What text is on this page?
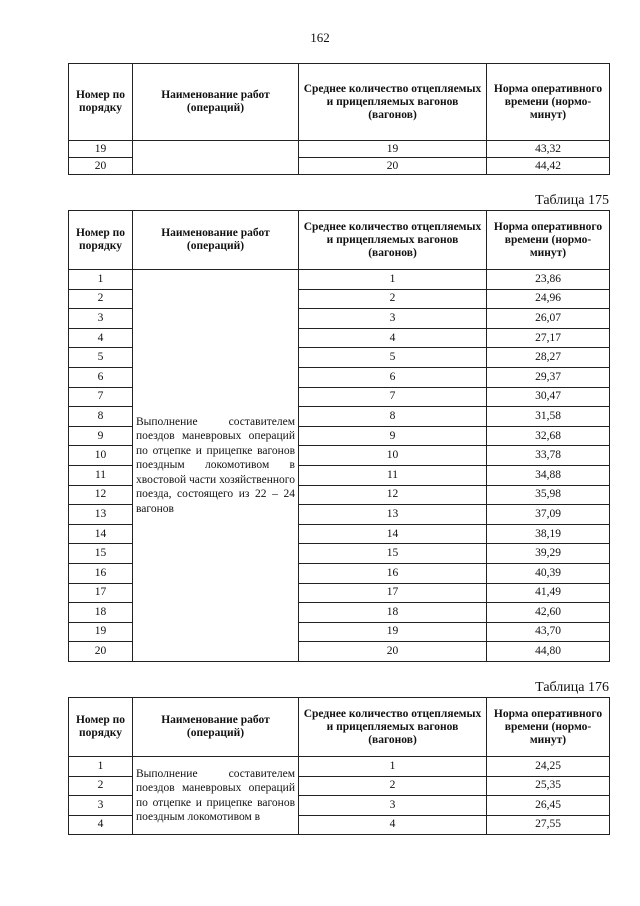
162
Номер по порядку	Наименование работ (операций)	Среднее количество отцепляемых и прицепляемых вагонов (вагонов)	Норма оперативного времени (нормо-минут)
19		19	43,32
20		20	44,42
Таблица 175
Номер по порядку	Наименование работ (операций)	Среднее количество отцепляемых и прицепляемых вагонов (вагонов)	Норма оперативного времени (нормо-минут)
1	Выполнение составителем поездов маневровых операций по отцепке и прицепке вагонов поездным локомотивом в хвостовой части хозяйственного поезда, состоящего из 22 – 24 вагонов	1	23,86
2		2	24,96
3		3	26,07
4		4	27,17
5		5	28,27
6		6	29,37
7		7	30,47
8		8	31,58
9		9	32,68
10		10	33,78
11		11	34,88
12		12	35,98
13		13	37,09
14		14	38,19
15		15	39,29
16		16	40,39
17		17	41,49
18		18	42,60
19		19	43,70
20		20	44,80
Таблица 176
Номер по порядку	Наименование работ (операций)	Среднее количество отцепляемых и прицепляемых вагонов (вагонов)	Норма оперативного времени (нормо-минут)
1	Выполнение составителем поездов маневровых операций по отцепке и прицепке вагонов поездным локомотивом в	1	24,25
2		2	25,35
3		3	26,45
4		4	27,55
